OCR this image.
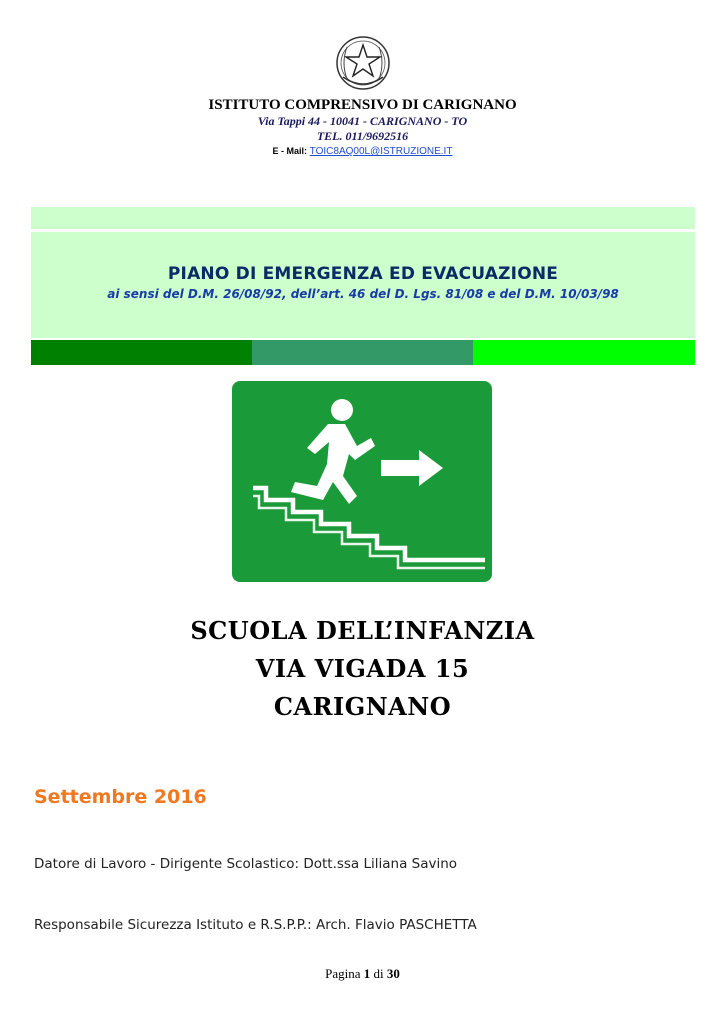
ISTITUTO COMPRENSIVO DI CARIGNANO
Via Tappi 44 - 10041 - CARIGNANO - TO
TEL. 011/9692516
E - Mail: TOIC8AQ00L@ISTRUZIONE.IT
PIANO DI EMERGENZA ED EVACUAZIONE
ai sensi del D.M. 26/08/92, dell’art. 46 del D. Lgs. 81/08 e del D.M. 10/03/98
SCUOLA DELL’INFANZIA
VIA VIGADA 15
CARIGNANO
Settembre 2016
Datore di Lavoro - Dirigente Scolastico: Dott.ssa Liliana Savino
Responsabile Sicurezza Istituto e R.S.P.P.: Arch. Flavio PASCHETTA
Pagina 1 di 30
